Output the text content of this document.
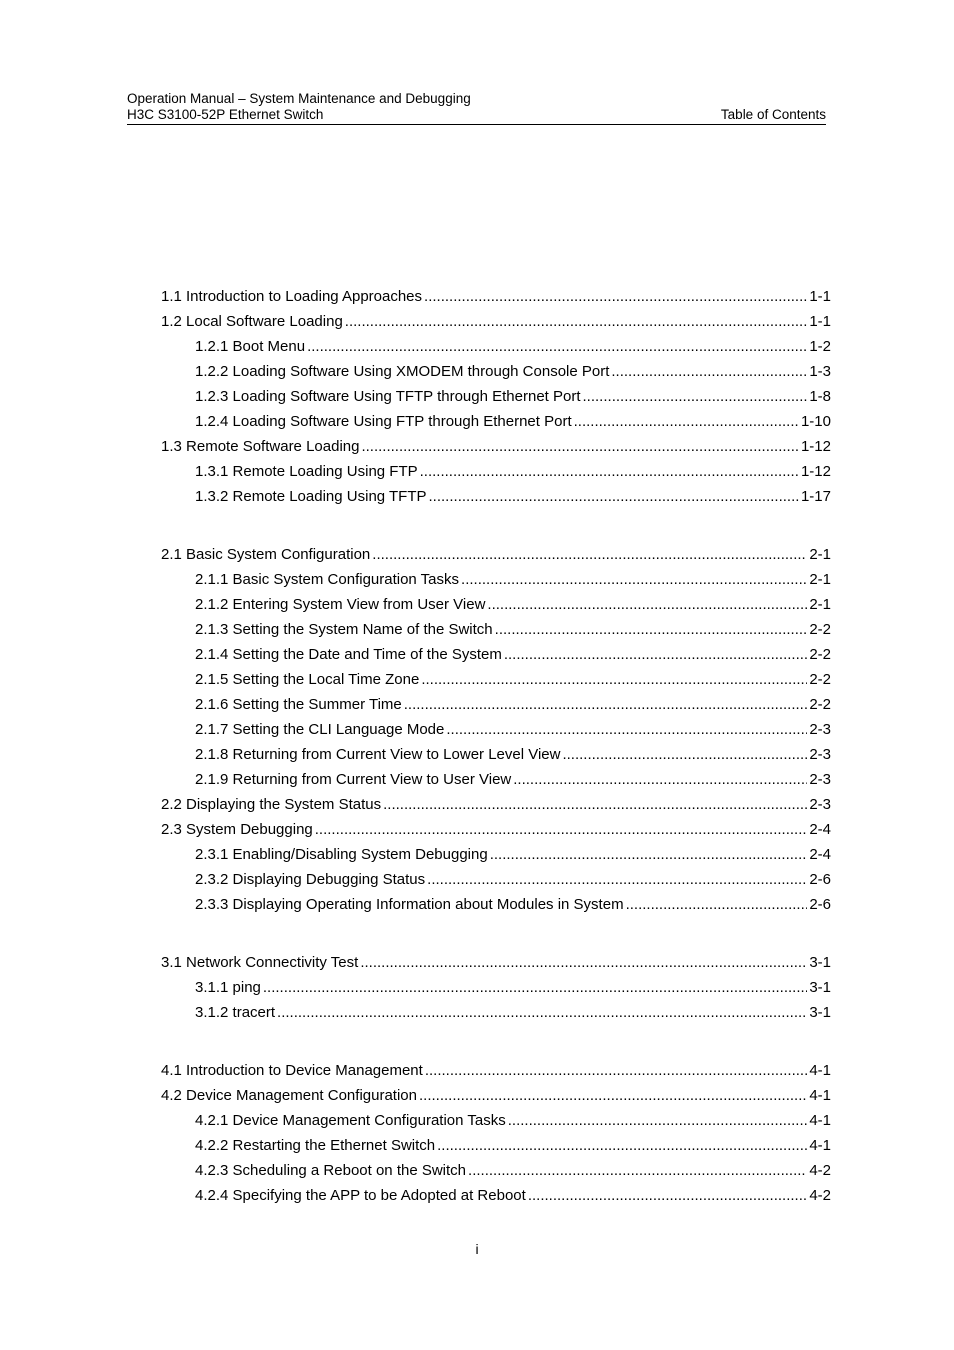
Operation Manual – System Maintenance and Debugging
H3C S3100-52P Ethernet Switch	Table of Contents
1.1 Introduction to Loading Approaches .....	1-1
1.2 Local Software Loading .....	1-1
1.2.1 Boot Menu .....	1-2
1.2.2 Loading Software Using XMODEM through Console Port .....	1-3
1.2.3 Loading Software Using TFTP through Ethernet Port .....	1-8
1.2.4 Loading Software Using FTP through Ethernet Port .....	1-10
1.3 Remote Software Loading .....	1-12
1.3.1 Remote Loading Using FTP .....	1-12
1.3.2 Remote Loading Using TFTP .....	1-17
2.1 Basic System Configuration .....	2-1
2.1.1 Basic System Configuration Tasks .....	2-1
2.1.2 Entering System View from User View .....	2-1
2.1.3 Setting the System Name of the Switch .....	2-2
2.1.4 Setting the Date and Time of the System .....	2-2
2.1.5 Setting the Local Time Zone .....	2-2
2.1.6 Setting the Summer Time .....	2-2
2.1.7 Setting the CLI Language Mode .....	2-3
2.1.8 Returning from Current View to Lower Level View .....	2-3
2.1.9 Returning from Current View to User View .....	2-3
2.2 Displaying the System Status .....	2-3
2.3 System Debugging .....	2-4
2.3.1 Enabling/Disabling System Debugging .....	2-4
2.3.2 Displaying Debugging Status .....	2-6
2.3.3 Displaying Operating Information about Modules in System .....	2-6
3.1 Network Connectivity Test .....	3-1
3.1.1 ping .....	3-1
3.1.2 tracert .....	3-1
4.1 Introduction to Device Management .....	4-1
4.2 Device Management Configuration .....	4-1
4.2.1 Device Management Configuration Tasks .....	4-1
4.2.2 Restarting the Ethernet Switch .....	4-1
4.2.3 Scheduling a Reboot on the Switch .....	4-2
4.2.4 Specifying the APP to be Adopted at Reboot .....	4-2
i
